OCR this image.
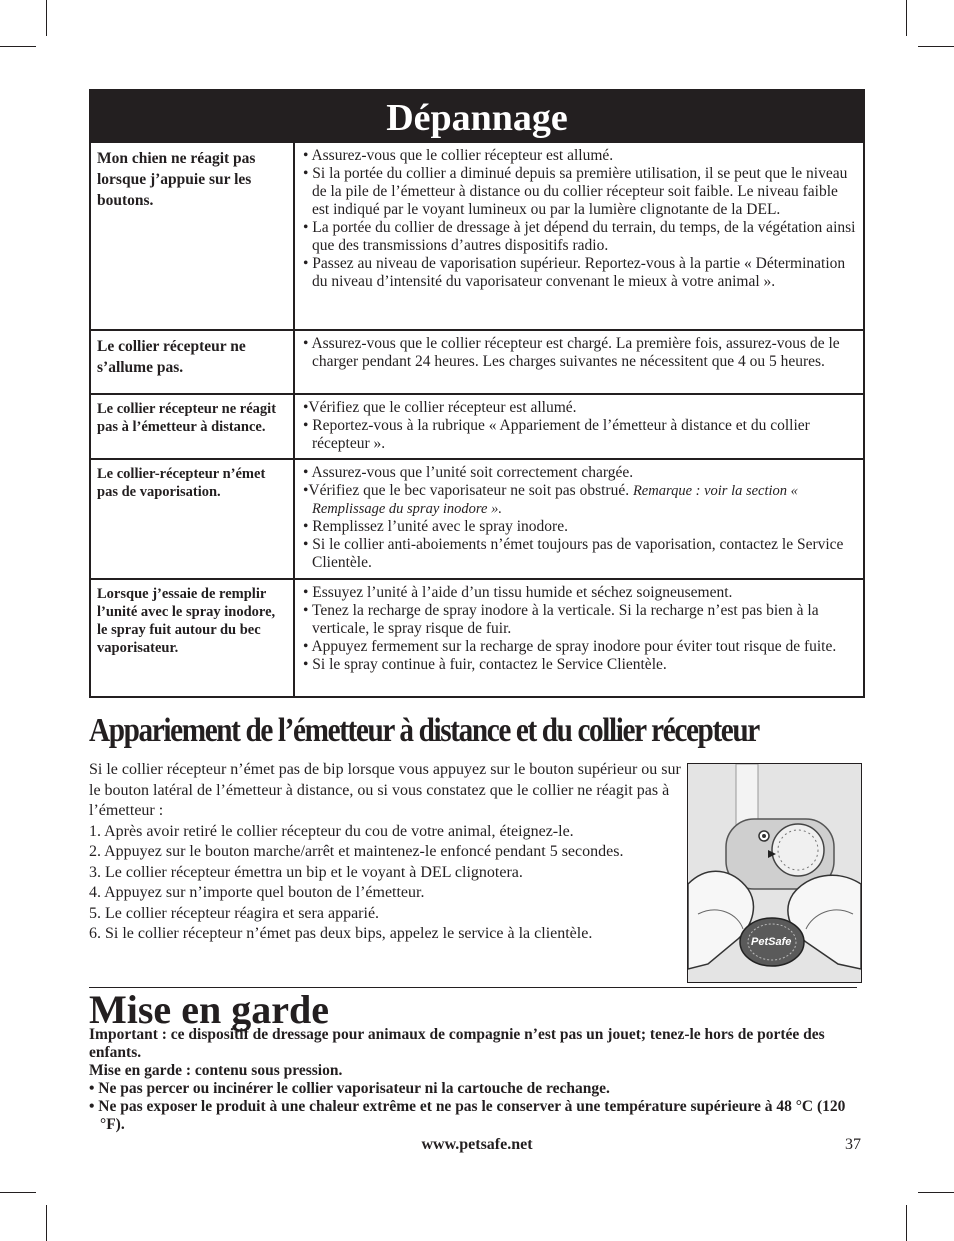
Dépannage
Mon chien ne réagit pas lorsque j’appuie sur les boutons.

• Assurez-vous que le collier récepteur est allumé.

• Si la portée du collier a diminué depuis sa première utilisation, il se peut que le niveau de la pile de l’émetteur à distance ou du collier récepteur soit faible. Le niveau faible est indiqué par le voyant lumineux ou par la lumière clignotante de la DEL.

• La portée du collier de dressage à jet dépend du terrain, du temps, de la végétation ainsi que des transmissions d’autres dispositifs radio.

• Passez au niveau de vaporisation supérieur. Reportez-vous à la partie « Détermination du niveau d’intensité du vaporisateur convenant le mieux à votre animal ».

Le collier récepteur ne s’allume pas.

• Assurez-vous que le collier récepteur est chargé. La première fois, assurez-vous de le charger pendant 24 heures. Les charges suivantes ne nécessitent que 4 ou 5 heures.

Le collier récepteur ne réagit pas à l’émetteur à distance.

•Vérifiez que le collier récepteur est allumé.

• Reportez-vous à la rubrique « Appariement de l’émetteur à distance et du collier récepteur ».

Le collier-récepteur n’émet pas de vaporisation.

• Assurez-vous que l’unité soit correctement chargée.

•Vérifiez que le bec vaporisateur ne soit pas obstrué. Remarque : voir la section « Remplissage du spray inodore ».

• Remplissez l’unité avec le spray inodore.

• Si le collier anti-aboiements n’émet toujours pas de vaporisation, contactez le Service Clientèle.

Lorsque j’essaie de remplir l’unité avec le spray inodore, le spray fuit autour du bec vaporisateur.

• Essuyez l’unité à l’aide d’un tissu humide et séchez soigneusement.

• Tenez la recharge de spray inodore à la verticale. Si la recharge n’est pas bien à la verticale, le spray risque de fuir.

• Appuyez fermement sur la recharge de spray inodore pour éviter tout risque de fuite.

• Si le spray continue à fuir, contactez le Service Clientèle.

Appariement de l’émetteur à distance et du collier récepteur

Si le collier récepteur n’émet pas de bip lorsque vous appuyez sur le bouton supérieur ou sur le bouton latéral de l’émetteur à distance, ou si vous constatez que le collier ne réagit pas à l’émetteur :

1. Après avoir retiré le collier récepteur du cou de votre animal, éteignez-le.

2. Appuyez sur le bouton marche/arrêt et maintenez-le enfoncé pendant 5 secondes.

3. Le collier récepteur émettra un bip et le voyant à DEL clignotera.

4. Appuyez sur n’importe quel bouton de l’émetteur.

5. Le collier récepteur réagira et sera apparié.

6. Si le collier récepteur n’émet pas deux bips, appelez le service à la clientèle.	PetSafe
Mise en garde

Important : ce dispositif de dressage pour animaux de compagnie n’est pas un jouet; tenez-le hors de portée des enfants.

Mise en garde : contenu sous pression.

• Ne pas percer ou incinérer le collier vaporisateur ni la cartouche de rechange.

• Ne pas exposer le produit à une chaleur extrême et ne pas le conserver à une température supérieure à 48 °C (120 °F).

www.petsafe.net	37
